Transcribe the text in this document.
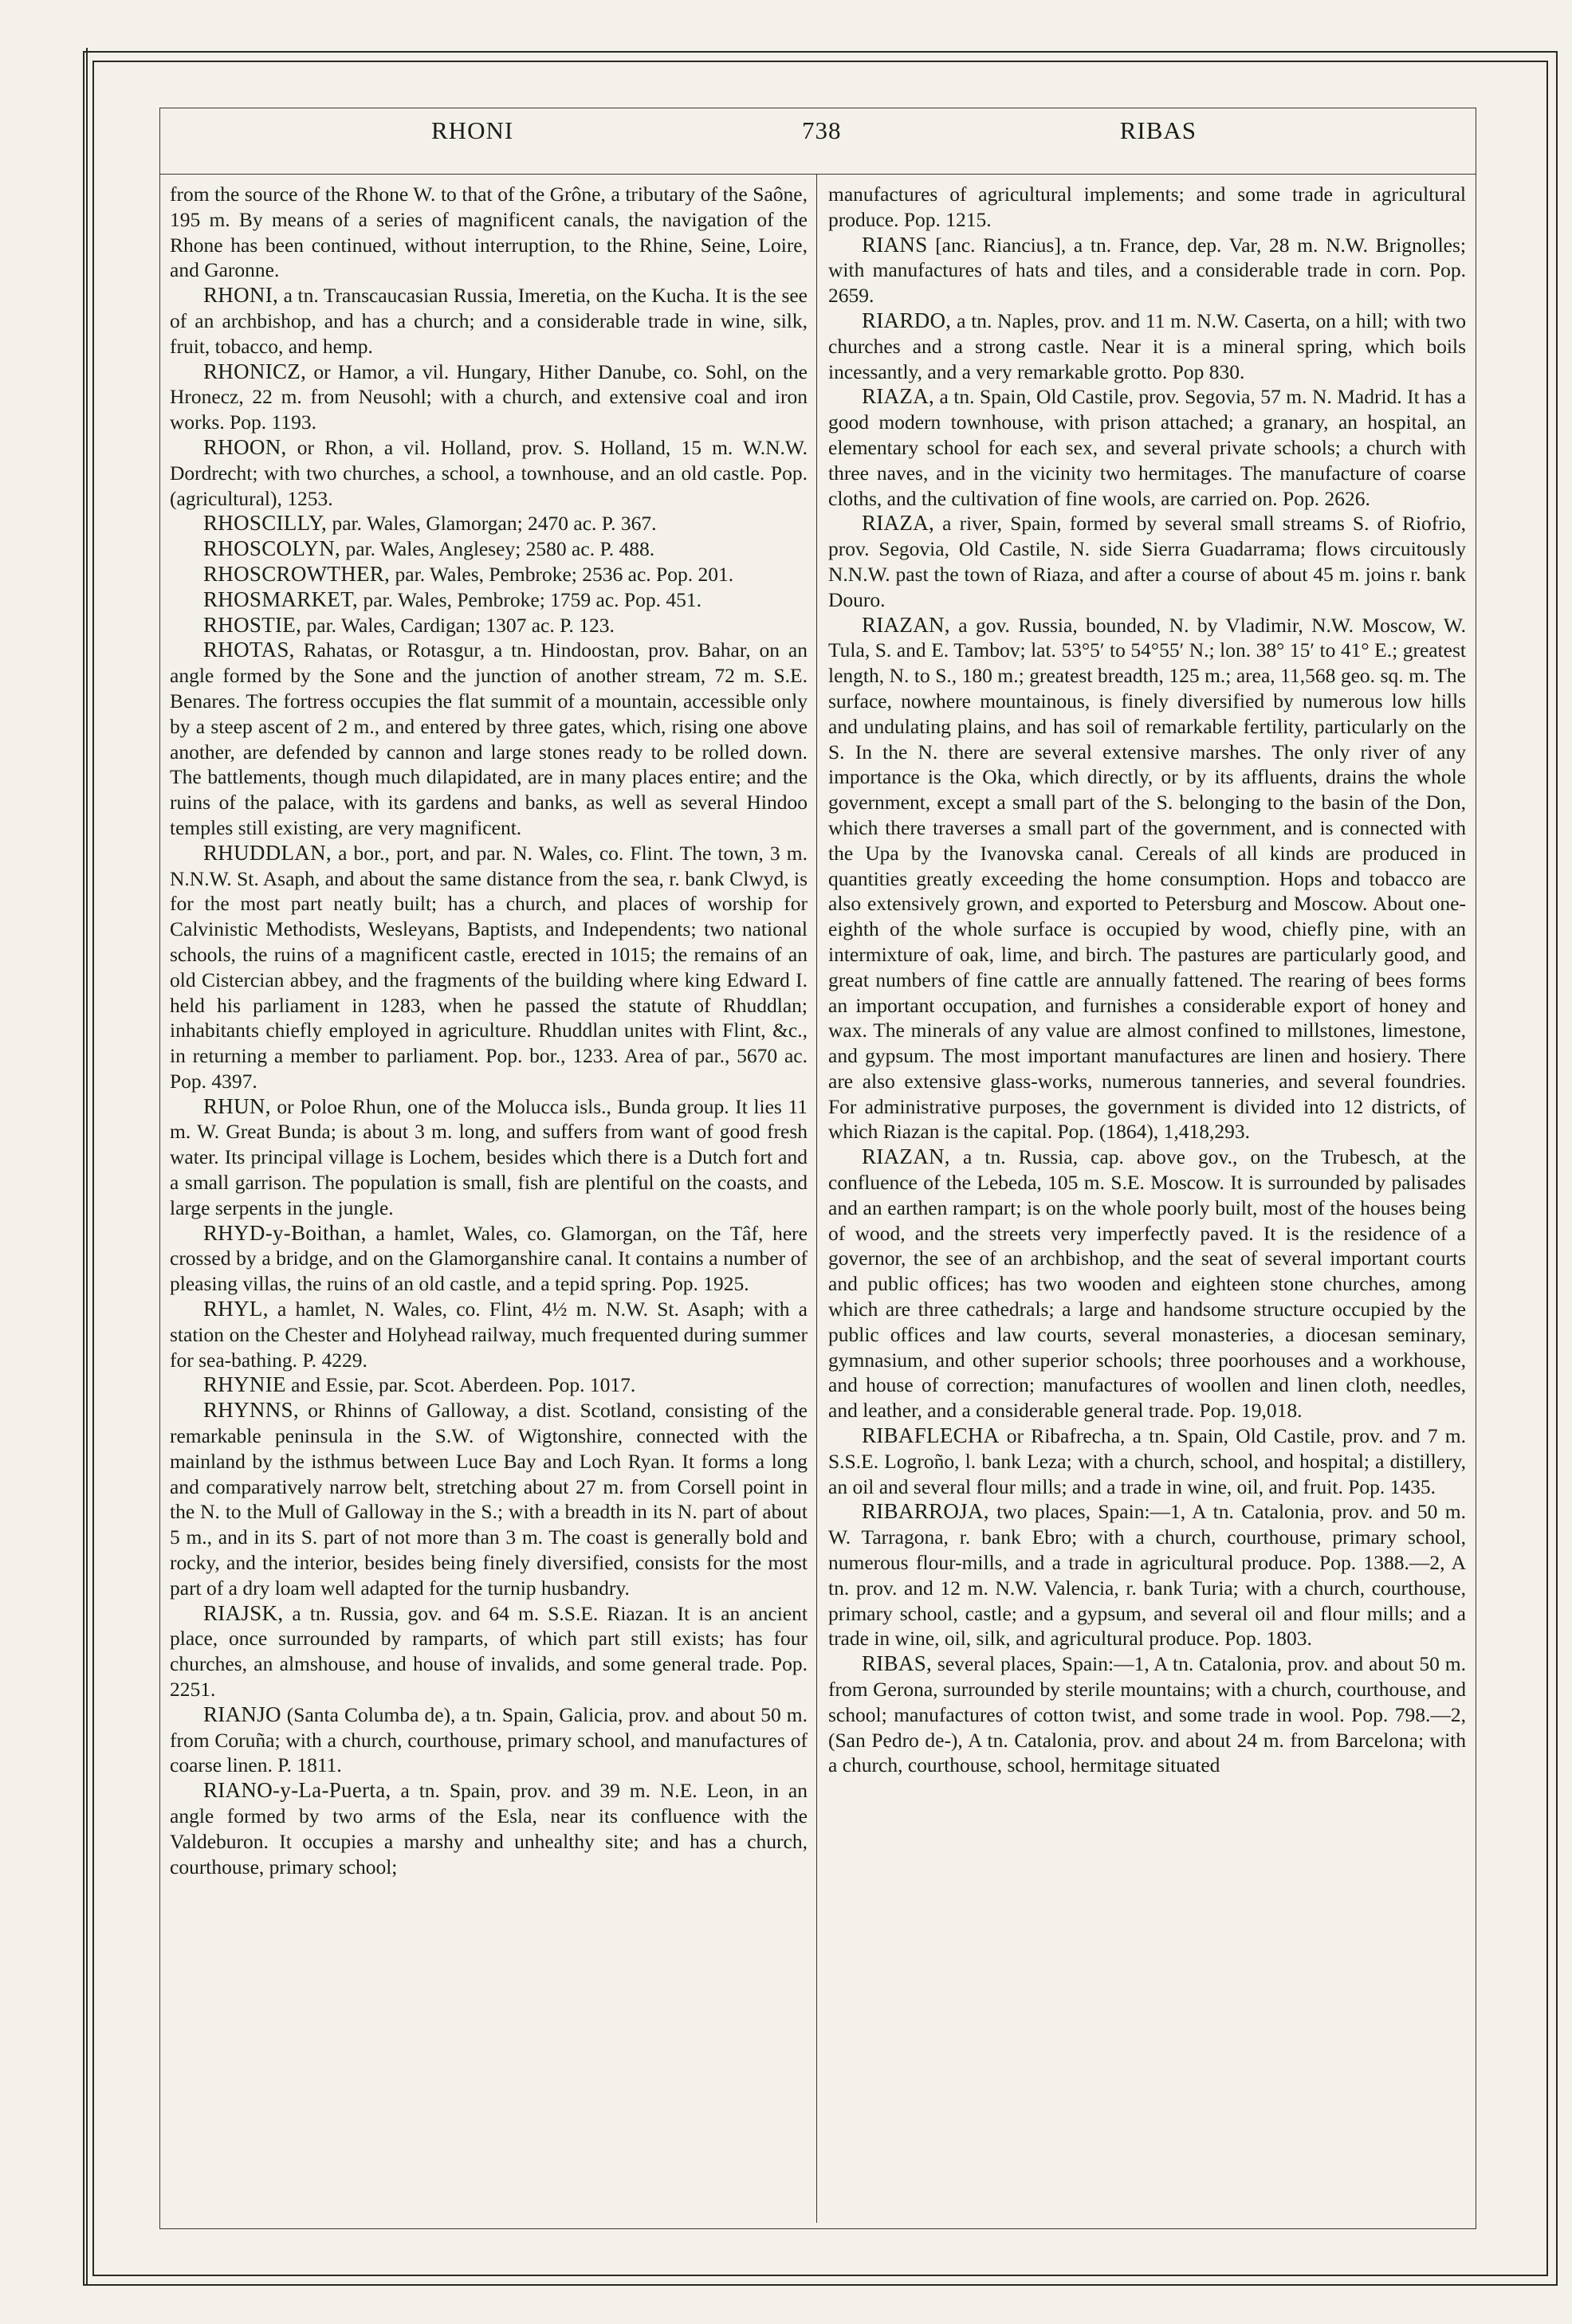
RHONI	738	RIBAS

from the source of the Rhone W. to that of the Grône, a tributary of the Saône, 195 m. By means of a series of magnificent canals, the navigation of the Rhone has been continued, without interruption, to the Rhine, Seine, Loire, and Garonne.

RHONI, a tn. Transcaucasian Russia, Imeretia, on the Kucha. It is the see of an archbishop, and has a church; and a considerable trade in wine, silk, fruit, tobacco, and hemp.

RHONICZ, or Hamor, a vil. Hungary, Hither Danube, co. Sohl, on the Hronecz, 22 m. from Neusohl; with a church, and extensive coal and iron works. Pop. 1193.

RHOON, or Rhon, a vil. Holland, prov. S. Holland, 15 m. W.N.W. Dordrecht; with two churches, a school, a townhouse, and an old castle. Pop. (agricultural), 1253.

RHOSCILLY, par. Wales, Glamorgan; 2470 ac. P. 367.

RHOSCOLYN, par. Wales, Anglesey; 2580 ac. P. 488.

RHOSCROWTHER, par. Wales, Pembroke; 2536 ac. Pop. 201.

RHOSMARKET, par. Wales, Pembroke; 1759 ac. Pop. 451.

RHOSTIE, par. Wales, Cardigan; 1307 ac. P. 123.

RHOTAS, Rahatas, or Rotasgur, a tn. Hindoostan, prov. Bahar, on an angle formed by the Sone and the junction of another stream, 72 m. S.E. Benares. The fortress occupies the flat summit of a mountain, accessible only by a steep ascent of 2 m., and entered by three gates, which, rising one above another, are defended by cannon and large stones ready to be rolled down. The battlements, though much dilapidated, are in many places entire; and the ruins of the palace, with its gardens and banks, as well as several Hindoo temples still existing, are very magnificent.

RHUDDLAN, a bor., port, and par. N. Wales, co. Flint. The town, 3 m. N.N.W. St. Asaph, and about the same distance from the sea, r. bank Clwyd, is for the most part neatly built; has a church, and places of worship for Calvinistic Methodists, Wesleyans, Baptists, and Independents; two national schools, the ruins of a magnificent castle, erected in 1015; the remains of an old Cistercian abbey, and the fragments of the building where king Edward I. held his parliament in 1283, when he passed the statute of Rhuddlan; inhabitants chiefly employed in agriculture. Rhuddlan unites with Flint, &c., in returning a member to parliament. Pop. bor., 1233. Area of par., 5670 ac. Pop. 4397.

RHUN, or Poloe Rhun, one of the Molucca isls., Bunda group. It lies 11 m. W. Great Bunda; is about 3 m. long, and suffers from want of good fresh water. Its principal village is Lochem, besides which there is a Dutch fort and a small garrison. The population is small, fish are plentiful on the coasts, and large serpents in the jungle.

RHYD-y-Boithan, a hamlet, Wales, co. Glamorgan, on the Tâf, here crossed by a bridge, and on the Glamorganshire canal. It contains a number of pleasing villas, the ruins of an old castle, and a tepid spring. Pop. 1925.

RHYL, a hamlet, N. Wales, co. Flint, 4½ m. N.W. St. Asaph; with a station on the Chester and Holyhead railway, much frequented during summer for sea-bathing. P. 4229.

RHYNIE and Essie, par. Scot. Aberdeen. Pop. 1017.

RHYNNS, or Rhinns of Galloway, a dist. Scotland, consisting of the remarkable peninsula in the S.W. of Wigtonshire, connected with the mainland by the isthmus between Luce Bay and Loch Ryan. It forms a long and comparatively narrow belt, stretching about 27 m. from Corsell point in the N. to the Mull of Galloway in the S.; with a breadth in its N. part of about 5 m., and in its S. part of not more than 3 m. The coast is generally bold and rocky, and the interior, besides being finely diversified, consists for the most part of a dry loam well adapted for the turnip husbandry.

RIAJSK, a tn. Russia, gov. and 64 m. S.S.E. Riazan. It is an ancient place, once surrounded by ramparts, of which part still exists; has four churches, an almshouse, and house of invalids, and some general trade. Pop. 2251.

RIANJO (Santa Columba de), a tn. Spain, Galicia, prov. and about 50 m. from Coruña; with a church, courthouse, primary school, and manufactures of coarse linen. P. 1811.

RIANO-y-La-Puerta, a tn. Spain, prov. and 39 m. N.E. Leon, in an angle formed by two arms of the Esla, near its confluence with the Valdeburon. It occupies a marshy and unhealthy site; and has a church, courthouse, primary school;

manufactures of agricultural implements; and some trade in agricultural produce. Pop. 1215.

RIANS [anc. Riancius], a tn. France, dep. Var, 28 m. N.W. Brignolles; with manufactures of hats and tiles, and a considerable trade in corn. Pop. 2659.

RIARDO, a tn. Naples, prov. and 11 m. N.W. Caserta, on a hill; with two churches and a strong castle. Near it is a mineral spring, which boils incessantly, and a very remarkable grotto. Pop 830.

RIAZA, a tn. Spain, Old Castile, prov. Segovia, 57 m. N. Madrid. It has a good modern townhouse, with prison attached; a granary, an hospital, an elementary school for each sex, and several private schools; a church with three naves, and in the vicinity two hermitages. The manufacture of coarse cloths, and the cultivation of fine wools, are carried on. Pop. 2626.

RIAZA, a river, Spain, formed by several small streams S. of Riofrio, prov. Segovia, Old Castile, N. side Sierra Guadarrama; flows circuitously N.N.W. past the town of Riaza, and after a course of about 45 m. joins r. bank Douro.

RIAZAN, a gov. Russia, bounded, N. by Vladimir, N.W. Moscow, W. Tula, S. and E. Tambov; lat. 53°5′ to 54°55′ N.; lon. 38° 15′ to 41° E.; greatest length, N. to S., 180 m.; greatest breadth, 125 m.; area, 11,568 geo. sq. m. The surface, nowhere mountainous, is finely diversified by numerous low hills and undulating plains, and has soil of remarkable fertility, particularly on the S. In the N. there are several extensive marshes. The only river of any importance is the Oka, which directly, or by its affluents, drains the whole government, except a small part of the S. belonging to the basin of the Don, which there traverses a small part of the government, and is connected with the Upa by the Ivanovska canal. Cereals of all kinds are produced in quantities greatly exceeding the home consumption. Hops and tobacco are also extensively grown, and exported to Petersburg and Moscow. About one-eighth of the whole surface is occupied by wood, chiefly pine, with an intermixture of oak, lime, and birch. The pastures are particularly good, and great numbers of fine cattle are annually fattened. The rearing of bees forms an important occupation, and furnishes a considerable export of honey and wax. The minerals of any value are almost confined to millstones, limestone, and gypsum. The most important manufactures are linen and hosiery. There are also extensive glass-works, numerous tanneries, and several foundries. For administrative purposes, the government is divided into 12 districts, of which Riazan is the capital. Pop. (1864), 1,418,293.

RIAZAN, a tn. Russia, cap. above gov., on the Trubesch, at the confluence of the Lebeda, 105 m. S.E. Moscow. It is surrounded by palisades and an earthen rampart; is on the whole poorly built, most of the houses being of wood, and the streets very imperfectly paved. It is the residence of a governor, the see of an archbishop, and the seat of several important courts and public offices; has two wooden and eighteen stone churches, among which are three cathedrals; a large and handsome structure occupied by the public offices and law courts, several monasteries, a diocesan seminary, gymnasium, and other superior schools; three poorhouses and a workhouse, and house of correction; manufactures of woollen and linen cloth, needles, and leather, and a considerable general trade. Pop. 19,018.

RIBAFLECHA or Ribafrecha, a tn. Spain, Old Castile, prov. and 7 m. S.S.E. Logroño, l. bank Leza; with a church, school, and hospital; a distillery, an oil and several flour mills; and a trade in wine, oil, and fruit. Pop. 1435.

RIBARROJA, two places, Spain:—1, A tn. Catalonia, prov. and 50 m. W. Tarragona, r. bank Ebro; with a church, courthouse, primary school, numerous flour-mills, and a trade in agricultural produce. Pop. 1388.—2, A tn. prov. and 12 m. N.W. Valencia, r. bank Turia; with a church, courthouse, primary school, castle; and a gypsum, and several oil and flour mills; and a trade in wine, oil, silk, and agricultural produce. Pop. 1803.

RIBAS, several places, Spain:—1, A tn. Catalonia, prov. and about 50 m. from Gerona, surrounded by sterile mountains; with a church, courthouse, and school; manufactures of cotton twist, and some trade in wool. Pop. 798.—2, (San Pedro de-), A tn. Catalonia, prov. and about 24 m. from Barcelona; with a church, courthouse, school, hermitage situated
